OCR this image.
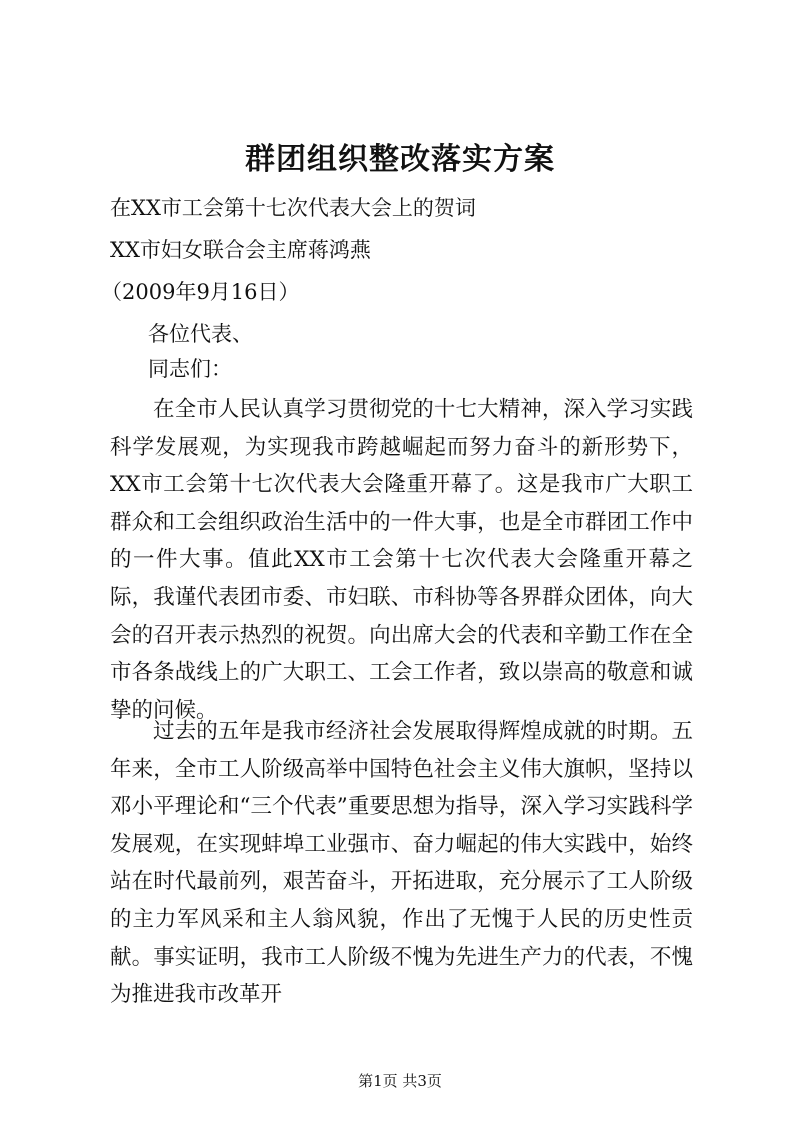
群团组织整改落实方案
在XX市工会第十七次代表大会上的贺词
XX市妇女联合会主席蒋鸿燕
（2009年9月16日）
各位代表、
同志们：

在全市人民认真学习贯彻党的十七大精神，深入学习实践科学发展观，为实现我市跨越崛起而努力奋斗的新形势下，XX市工会第十七次代表大会隆重开幕了。这是我市广大职工群众和工会组织政治生活中的一件大事，也是全市群团工作中的一件大事。值此XX市工会第十七次代表大会隆重开幕之际，我谨代表团市委、市妇联、市科协等各界群众团体，向大会的召开表示热烈的祝贺。向出席大会的代表和辛勤工作在全市各条战线上的广大职工、工会工作者，致以崇高的敬意和诚挚的问候。

过去的五年是我市经济社会发展取得辉煌成就的时期。五年来，全市工人阶级高举中国特色社会主义伟大旗帜，坚持以邓小平理论和“三个代表”重要思想为指导，深入学习实践科学发展观，在实现蚌埠工业强市、奋力崛起的伟大实践中，始终站在时代最前列，艰苦奋斗，开拓进取，充分展示了工人阶级的主力军风采和主人翁风貌，作出了无愧于人民的历史性贡献。事实证明，我市工人阶级不愧为先进生产力的代表，不愧为推进我市改革开

第1页 共3页
